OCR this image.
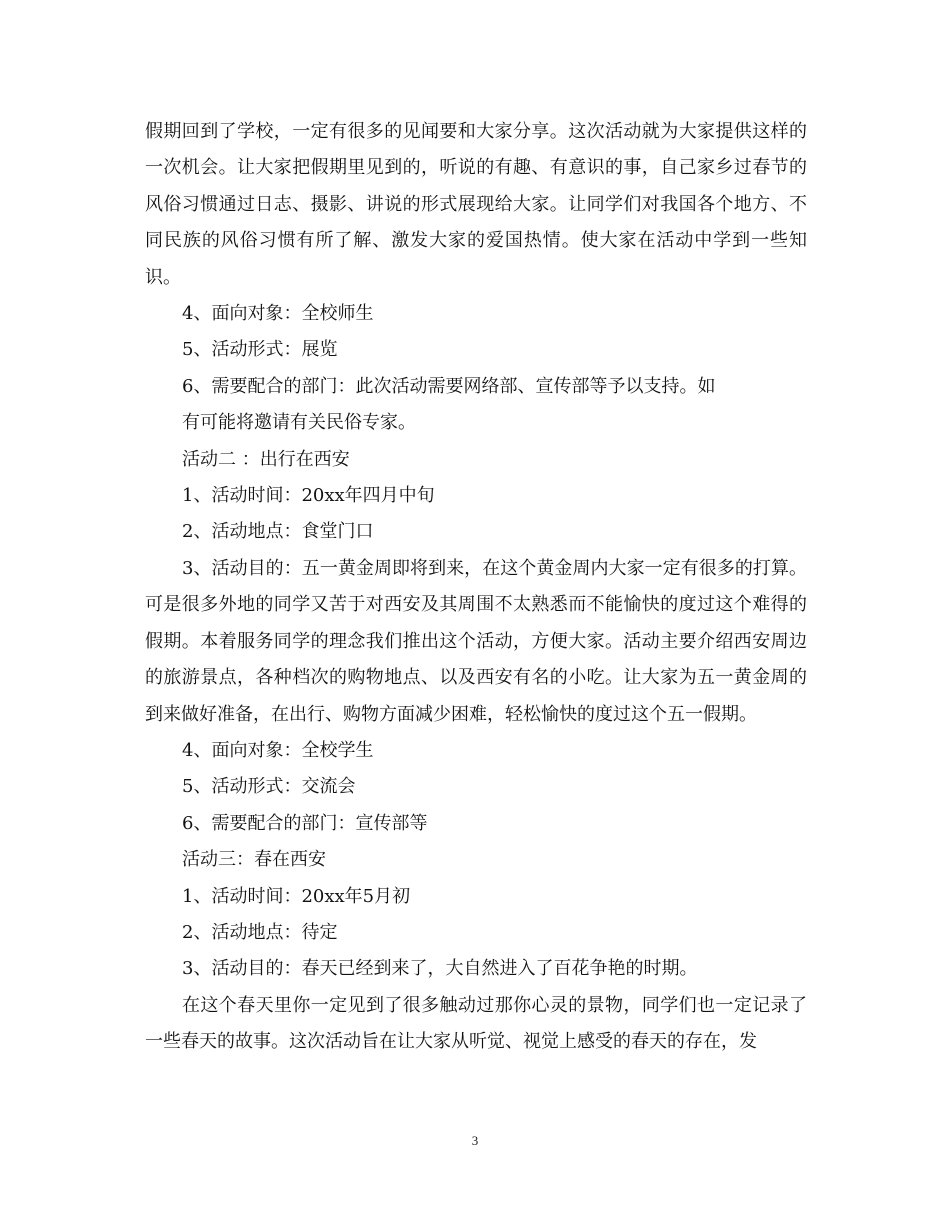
假期回到了学校，一定有很多的见闻要和大家分享。这次活动就为大家提供这样的一次机会。让大家把假期里见到的，听说的有趣、有意识的事，自己家乡过春节的风俗习惯通过日志、摄影、讲说的形式展现给大家。让同学们对我国各个地方、不同民族的风俗习惯有所了解、激发大家的爱国热情。使大家在活动中学到一些知识。

4、面向对象：全校师生

5、活动形式：展览

6、需要配合的部门：此次活动需要网络部、宣传部等予以支持。如

有可能将邀请有关民俗专家。

活动二 ：出行在西安

1、活动时间：20xx年四月中旬

2、活动地点：食堂门口

3、活动目的：五一黄金周即将到来，在这个黄金周内大家一定有很多的打算。可是很多外地的同学又苦于对西安及其周围不太熟悉而不能愉快的度过这个难得的假期。本着服务同学的理念我们推出这个活动，方便大家。活动主要介绍西安周边的旅游景点，各种档次的购物地点、以及西安有名的小吃。让大家为五一黄金周的到来做好准备，在出行、购物方面减少困难，轻松愉快的度过这个五一假期。

4、面向对象：全校学生

5、活动形式：交流会

6、需要配合的部门：宣传部等

活动三：春在西安

1、活动时间：20xx年5月初

2、活动地点：待定

3、活动目的：春天已经到来了，大自然进入了百花争艳的时期。

在这个春天里你一定见到了很多触动过那你心灵的景物，同学们也一定记录了一些春天的故事。这次活动旨在让大家从听觉、视觉上感受的春天的存在，发

3
